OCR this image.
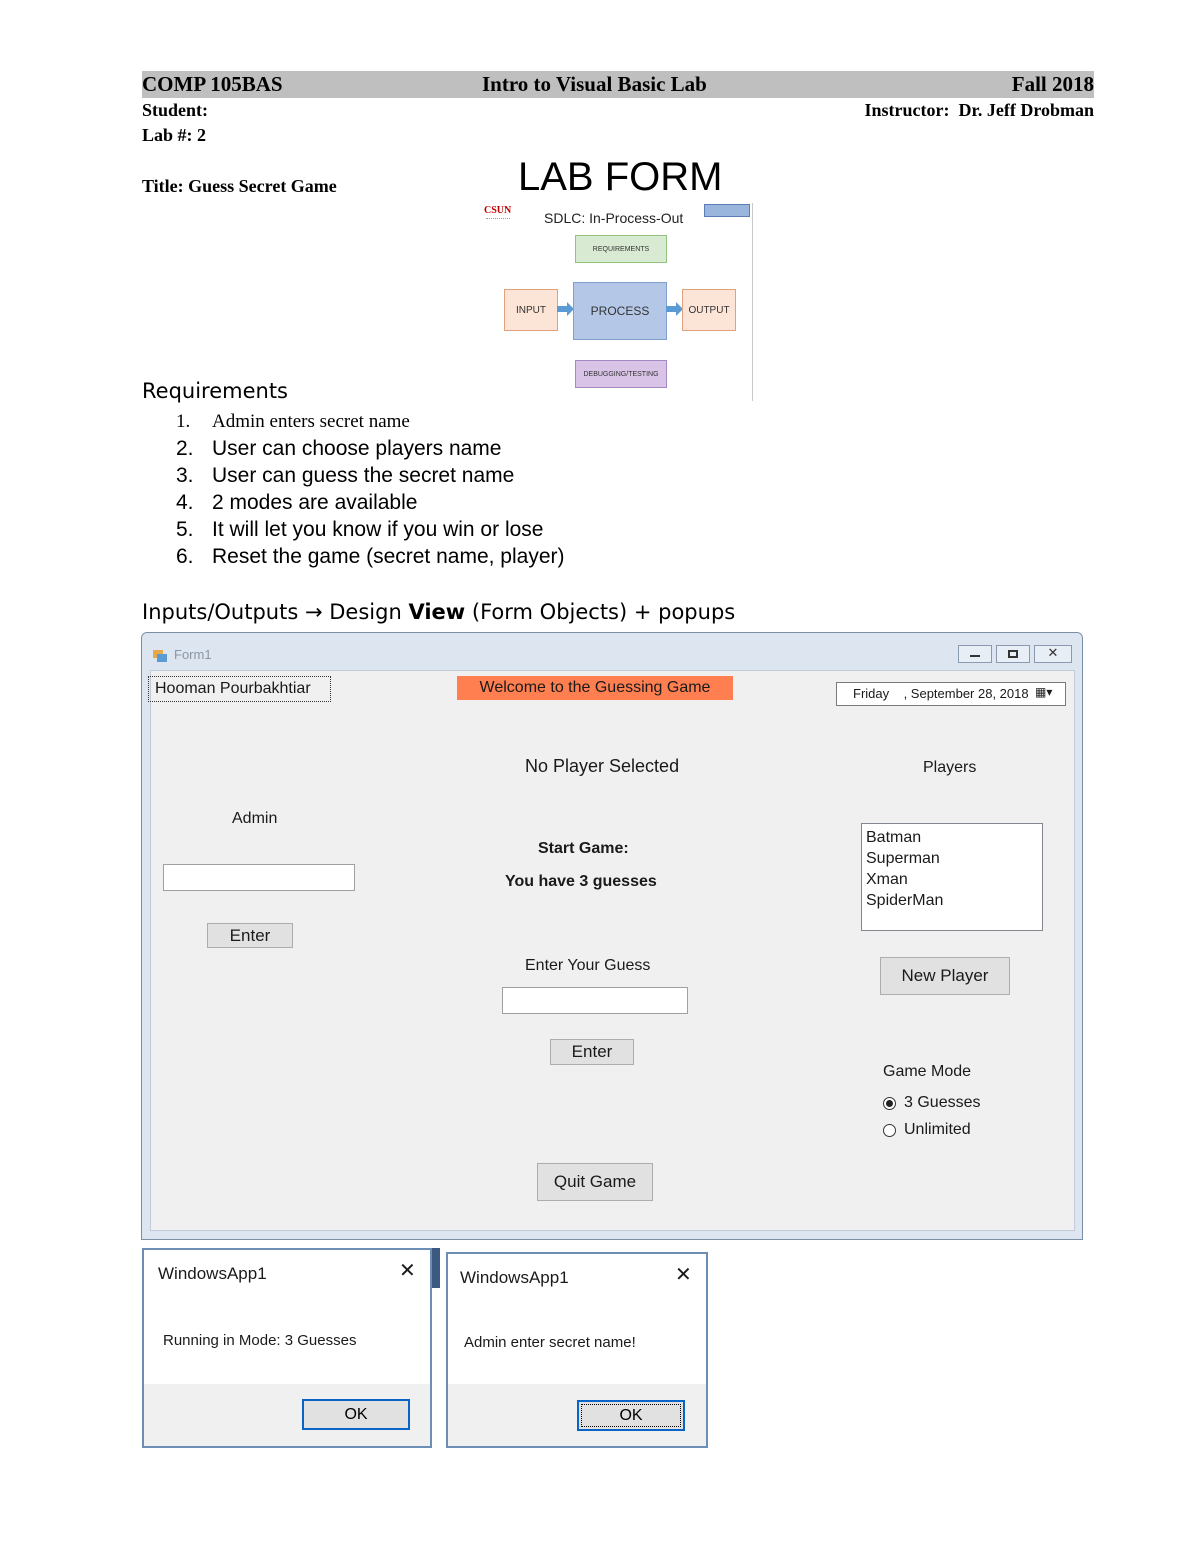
COMP 105BAS	Intro to Visual Basic Lab	Fall 2018
Student:	Instructor: Dr. Jeff Drobman
Lab #: 2
Title: Guess Secret Game	LAB FORM
CSUN SDLC: In-Process-Out
REQUIREMENTS
INPUT	PROCESS	OUTPUT
DEBUGGING/TESTING
Requirements
1. Admin enters secret name
2. User can choose players name
3. User can guess the secret name
4. 2 modes are available
5. It will let you know if you win or lose
6. Reset the game (secret name, player)
Inputs/Outputs → Design View (Form Objects) + popups
Form1	✕
Hooman Pourbakhtiar	Welcome to the Guessing Game	Friday    , September 28, 2018 ▦▾
No Player Selected	Players
Admin
Enter
Start Game:
You have 3 guesses
Batman
Superman
Xman
SpiderMan
New Player
Enter Your Guess
Enter
Game Mode
3 Guesses
Unlimited
Quit Game
WindowsApp1	✕
Running in Mode: 3 Guesses
OK
WindowsApp1	✕
Admin enter secret name!
OK
